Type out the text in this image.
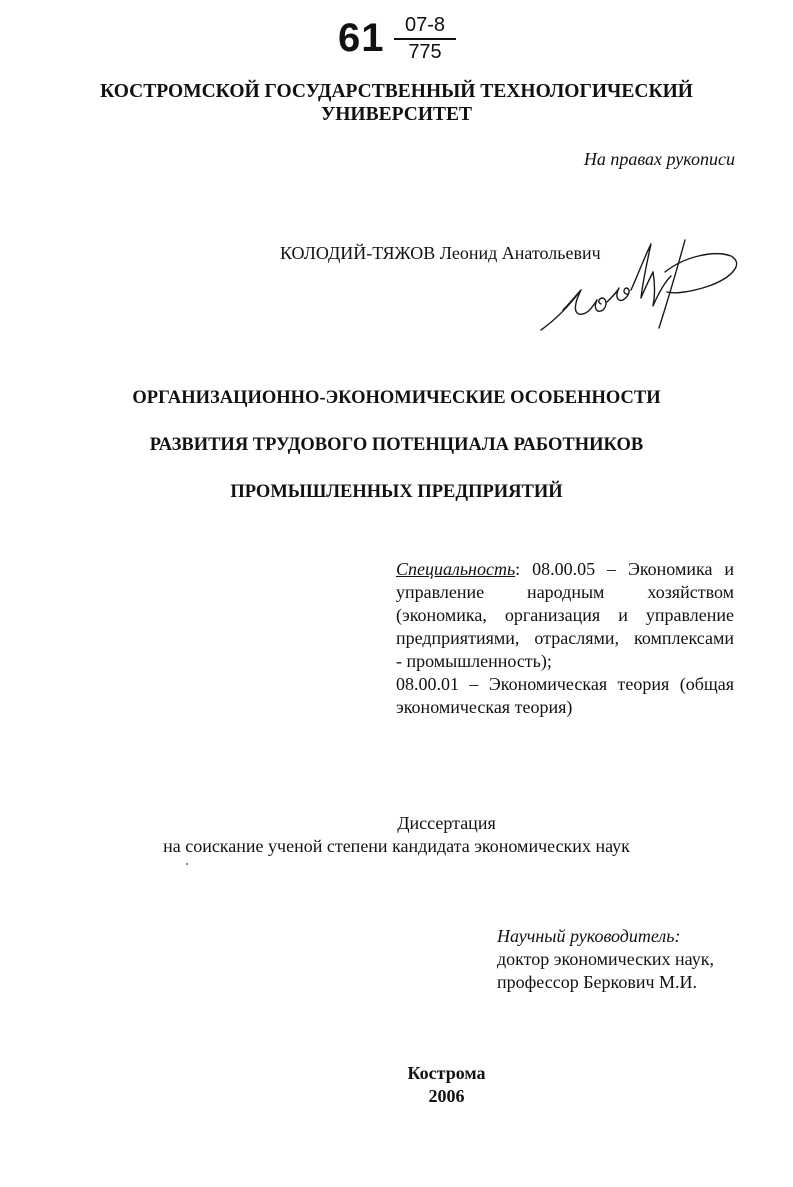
$61 \frac{07-8}{775}$
КОСТРОМСКОЙ ГОСУДАРСТВЕННЫЙ ТЕХНОЛОГИЧЕСКИЙ
УНИВЕРСИТЕТ
На правах рукописи
КОЛОДИЙ-ТЯЖОВ Леонид Анатольевич
ОРГАНИЗАЦИОННО-ЭКОНОМИЧЕСКИЕ ОСОБЕННОСТИ
РАЗВИТИЯ ТРУДОВОГО ПОТЕНЦИАЛА РАБОТНИКОВ
ПРОМЫШЛЕННЫХ ПРЕДПРИЯТИЙ
Специальность: 08.00.05 – Экономика и
управление народным хозяйством
(экономика, организация и управление
предприятиями, отраслями, комплексами
- промышленность);
08.00.01 – Экономическая теория (общая
экономическая теория)
Диссертация
на соискание ученой степени кандидата экономических наук
Научный руководитель:
доктор экономических наук,
профессор Беркович М.И.
Кострома
2006
